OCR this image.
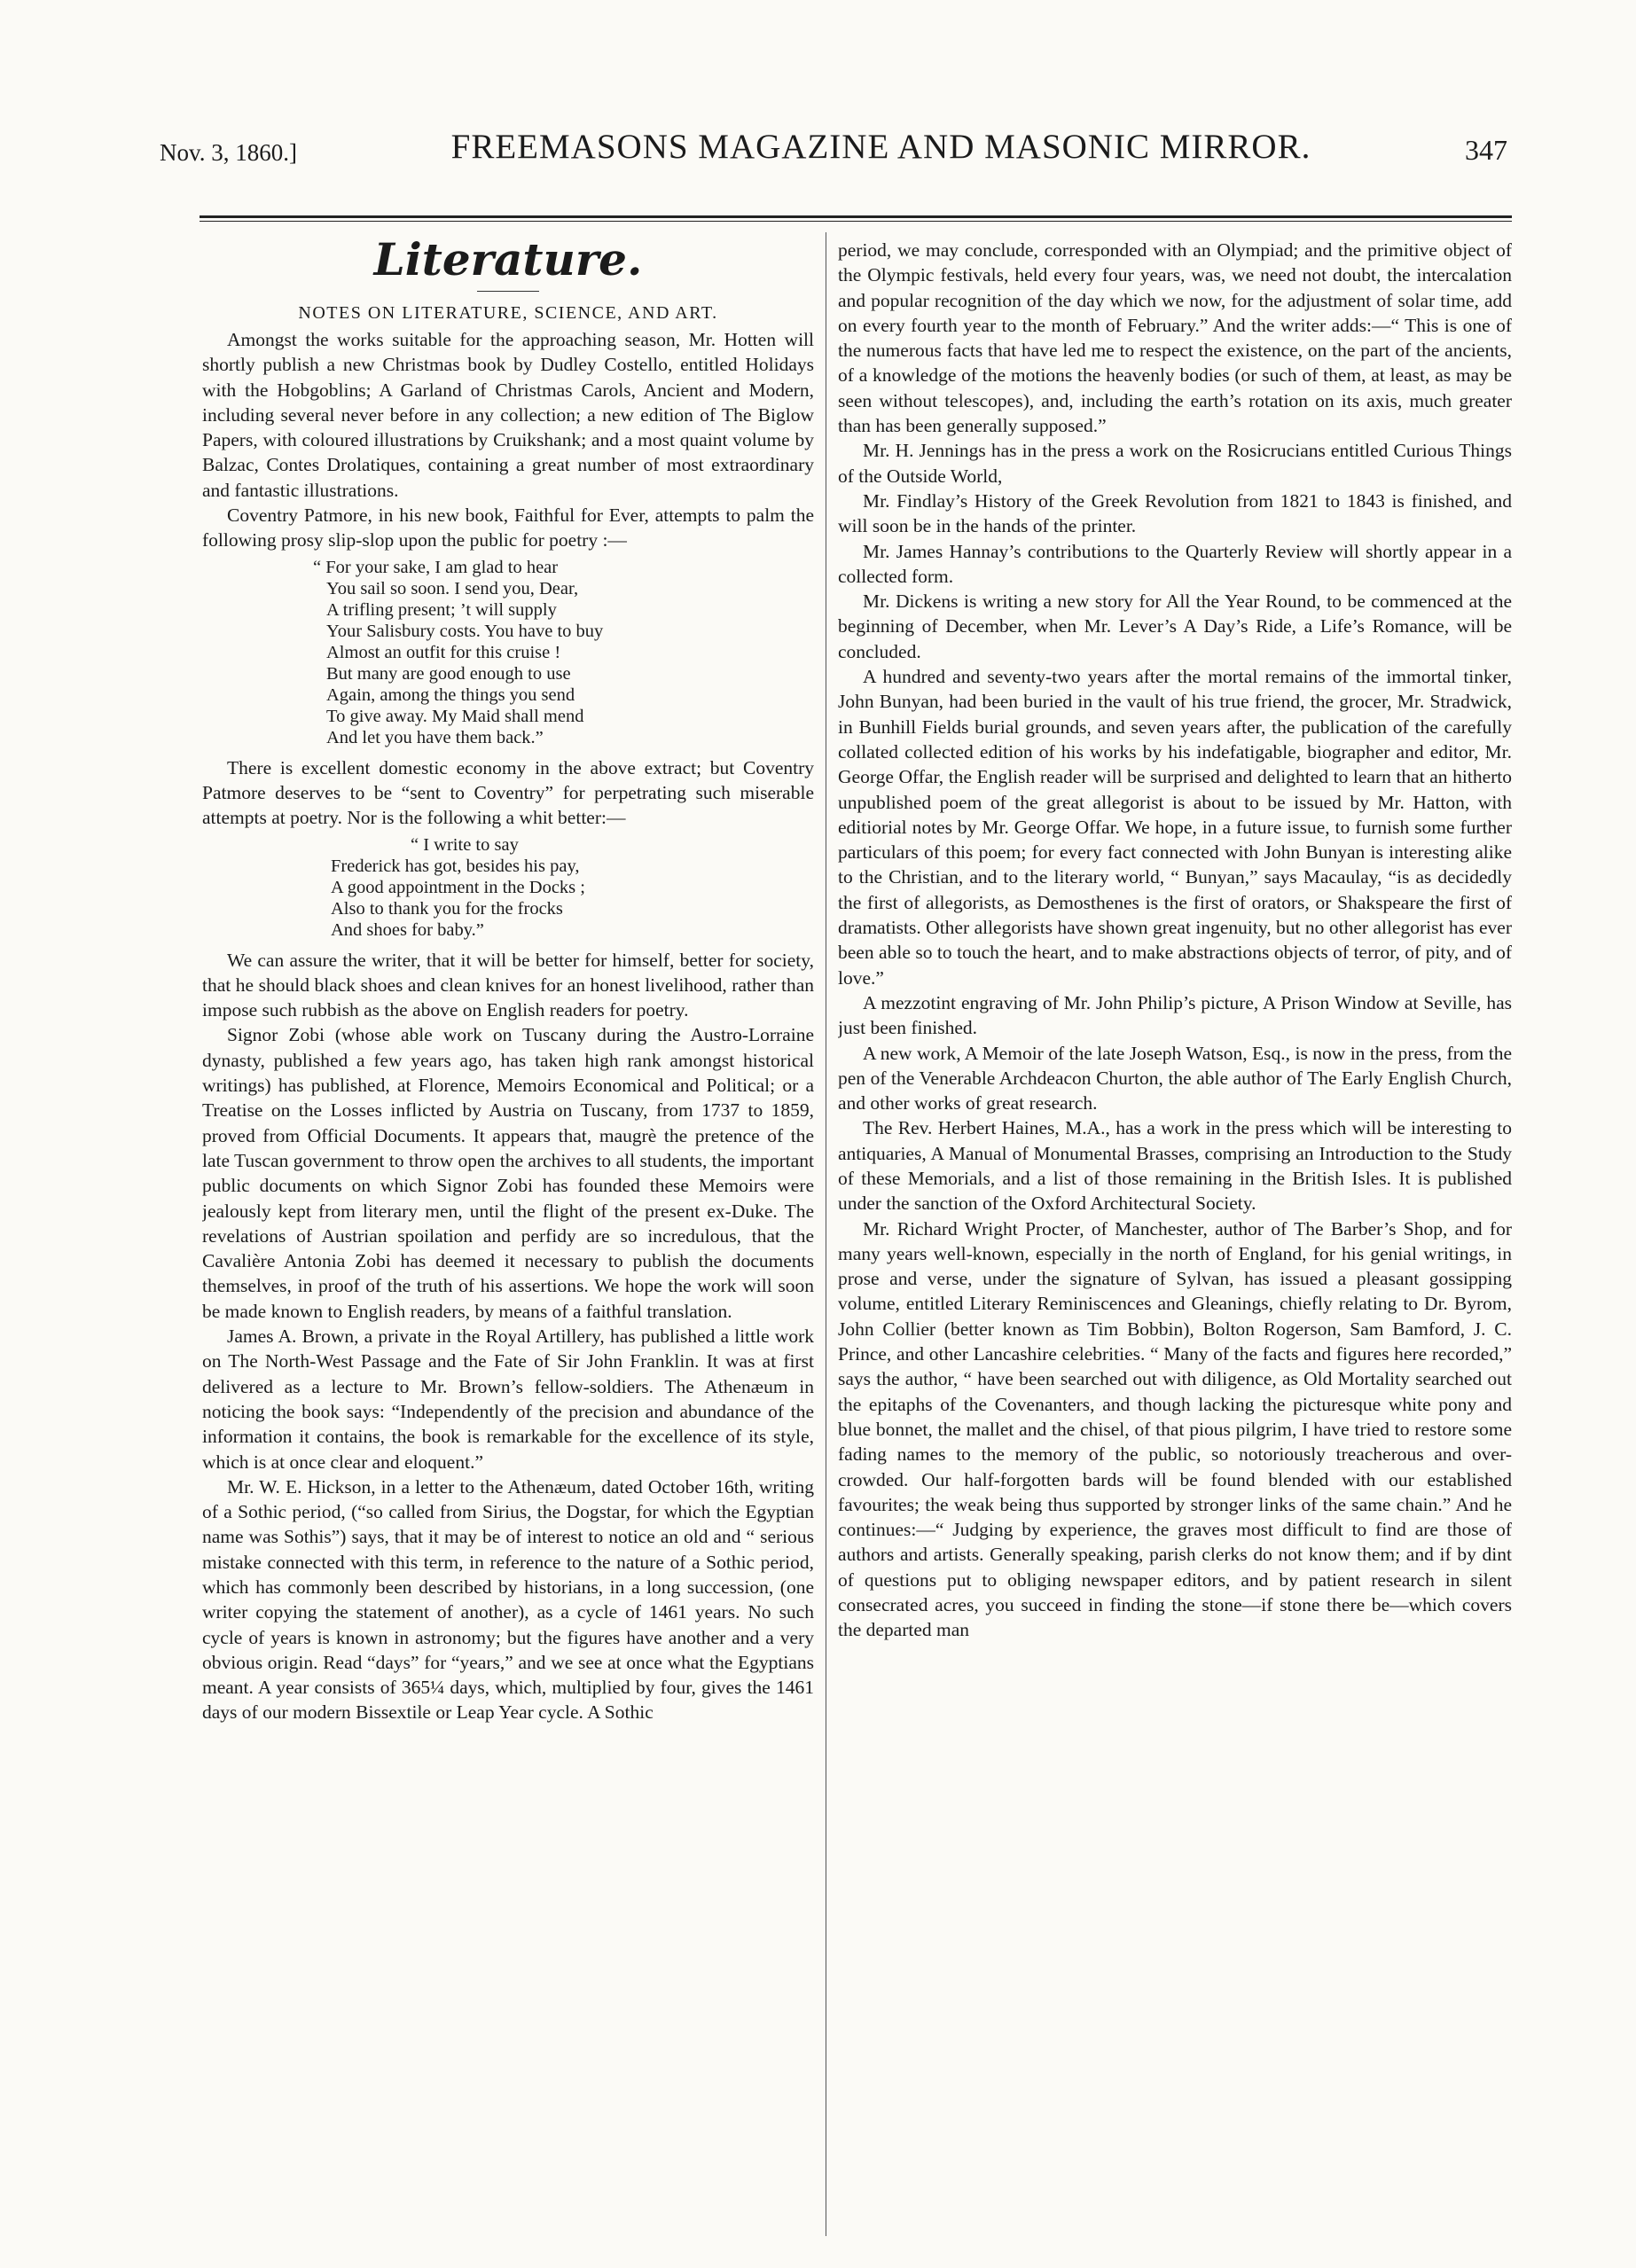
Nov. 3, 1860.]	FREEMASONS MAGAZINE AND MASONIC MIRROR.	347
Literature.
NOTES ON LITERATURE, SCIENCE, AND ART.

Amongst the works suitable for the approaching season, Mr. Hotten will shortly publish a new Christmas book by Dudley Costello, entitled Holidays with the Hobgoblins; A Garland of Christmas Carols, Ancient and Modern, including several never before in any collection; a new edition of The Biglow Papers, with coloured illustrations by Cruikshank; and a most quaint volume by Balzac, Contes Drolatiques, containing a great number of most extraordinary and fantastic illustrations.

Coventry Patmore, in his new book, Faithful for Ever, attempts to palm the following prosy slip-slop upon the public for poetry :—

“ For your sake, I am glad to hear
You sail so soon. I send you, Dear,
A trifling present; ’t will supply
Your Salisbury costs. You have to buy
Almost an outfit for this cruise !
But many are good enough to use
Again, among the things you send
To give away. My Maid shall mend
And let you have them back.”

There is excellent domestic economy in the above extract; but Coventry Patmore deserves to be “sent to Coventry” for perpetrating such miserable attempts at poetry. Nor is the following a whit better:—

“ I write to say
Frederick has got, besides his pay,
A good appointment in the Docks ;
Also to thank you for the frocks
And shoes for baby.”

We can assure the writer, that it will be better for himself, better for society, that he should black shoes and clean knives for an honest livelihood, rather than impose such rubbish as the above on English readers for poetry.

Signor Zobi (whose able work on Tuscany during the Austro-Lorraine dynasty, published a few years ago, has taken high rank amongst historical writings) has published, at Florence, Memoirs Economical and Political; or a Treatise on the Losses inflicted by Austria on Tuscany, from 1737 to 1859, proved from Official Documents. It appears that, maugrè the pretence of the late Tuscan government to throw open the archives to all students, the important public documents on which Signor Zobi has founded these Memoirs were jealously kept from literary men, until the flight of the present ex-Duke. The revelations of Austrian spoilation and perfidy are so incredulous, that the Cavalière Antonia Zobi has deemed it necessary to publish the documents themselves, in proof of the truth of his assertions. We hope the work will soon be made known to English readers, by means of a faithful translation.

James A. Brown, a private in the Royal Artillery, has published a little work on The North-West Passage and the Fate of Sir John Franklin. It was at first delivered as a lecture to Mr. Brown’s fellow-soldiers. The Athenæum in noticing the book says: “Independently of the precision and abundance of the information it contains, the book is remarkable for the excellence of its style, which is at once clear and eloquent.”

Mr. W. E. Hickson, in a letter to the Athenæum, dated October 16th, writing of a Sothic period, (“so called from Sirius, the Dogstar, for which the Egyptian name was Sothis”) says, that it may be of interest to notice an old and “ serious mistake connected with this term, in reference to the nature of a Sothic period, which has commonly been described by historians, in a long succession, (one writer copying the statement of another), as a cycle of 1461 years. No such cycle of years is known in astronomy; but the figures have another and a very obvious origin. Read “days” for “years,” and we see at once what the Egyptians meant. A year consists of 365¼ days, which, multiplied by four, gives the 1461 days of our modern Bissextile or Leap Year cycle. A Sothic

period, we may conclude, corresponded with an Olympiad; and the primitive object of the Olympic festivals, held every four years, was, we need not doubt, the intercalation and popular recognition of the day which we now, for the adjustment of solar time, add on every fourth year to the month of February.” And the writer adds:—“ This is one of the numerous facts that have led me to respect the existence, on the part of the ancients, of a knowledge of the motions the heavenly bodies (or such of them, at least, as may be seen without telescopes), and, including the earth’s rotation on its axis, much greater than has been generally supposed.”

Mr. H. Jennings has in the press a work on the Rosicrucians entitled Curious Things of the Outside World,

Mr. Findlay’s History of the Greek Revolution from 1821 to 1843 is finished, and will soon be in the hands of the printer.

Mr. James Hannay’s contributions to the Quarterly Review will shortly appear in a collected form.

Mr. Dickens is writing a new story for All the Year Round, to be commenced at the beginning of December, when Mr. Lever’s A Day’s Ride, a Life’s Romance, will be concluded.

A hundred and seventy-two years after the mortal remains of the immortal tinker, John Bunyan, had been buried in the vault of his true friend, the grocer, Mr. Stradwick, in Bunhill Fields burial grounds, and seven years after, the publication of the carefully collated collected edition of his works by his indefatigable, biographer and editor, Mr. George Offar, the English reader will be surprised and delighted to learn that an hitherto unpublished poem of the great allegorist is about to be issued by Mr. Hatton, with editiorial notes by Mr. George Offar. We hope, in a future issue, to furnish some further particulars of this poem; for every fact connected with John Bunyan is interesting alike to the Christian, and to the literary world, “ Bunyan,” says Macaulay, “is as decidedly the first of allegorists, as Demosthenes is the first of orators, or Shakspeare the first of dramatists. Other allegorists have shown great ingenuity, but no other allegorist has ever been able so to touch the heart, and to make abstractions objects of terror, of pity, and of love.”

A mezzotint engraving of Mr. John Philip’s picture, A Prison Window at Seville, has just been finished.

A new work, A Memoir of the late Joseph Watson, Esq., is now in the press, from the pen of the Venerable Archdeacon Churton, the able author of The Early English Church, and other works of great research.

The Rev. Herbert Haines, M.A., has a work in the press which will be interesting to antiquaries, A Manual of Monumental Brasses, comprising an Introduction to the Study of these Memorials, and a list of those remaining in the British Isles. It is published under the sanction of the Oxford Architectural Society.

Mr. Richard Wright Procter, of Manchester, author of The Barber’s Shop, and for many years well-known, especially in the north of England, for his genial writings, in prose and verse, under the signature of Sylvan, has issued a pleasant gossipping volume, entitled Literary Reminiscences and Gleanings, chiefly relating to Dr. Byrom, John Collier (better known as Tim Bobbin), Bolton Rogerson, Sam Bamford, J. C. Prince, and other Lancashire celebrities. “ Many of the facts and figures here recorded,” says the author, “ have been searched out with diligence, as Old Mortality searched out the epitaphs of the Covenanters, and though lacking the picturesque white pony and blue bonnet, the mallet and the chisel, of that pious pilgrim, I have tried to restore some fading names to the memory of the public, so notoriously treacherous and over-crowded. Our half-forgotten bards will be found blended with our established favourites; the weak being thus supported by stronger links of the same chain.” And he continues:—“ Judging by experience, the graves most difficult to find are those of authors and artists. Generally speaking, parish clerks do not know them; and if by dint of questions put to obliging newspaper editors, and by patient research in silent consecrated acres, you succeed in finding the stone—if stone there be—which covers the departed man
